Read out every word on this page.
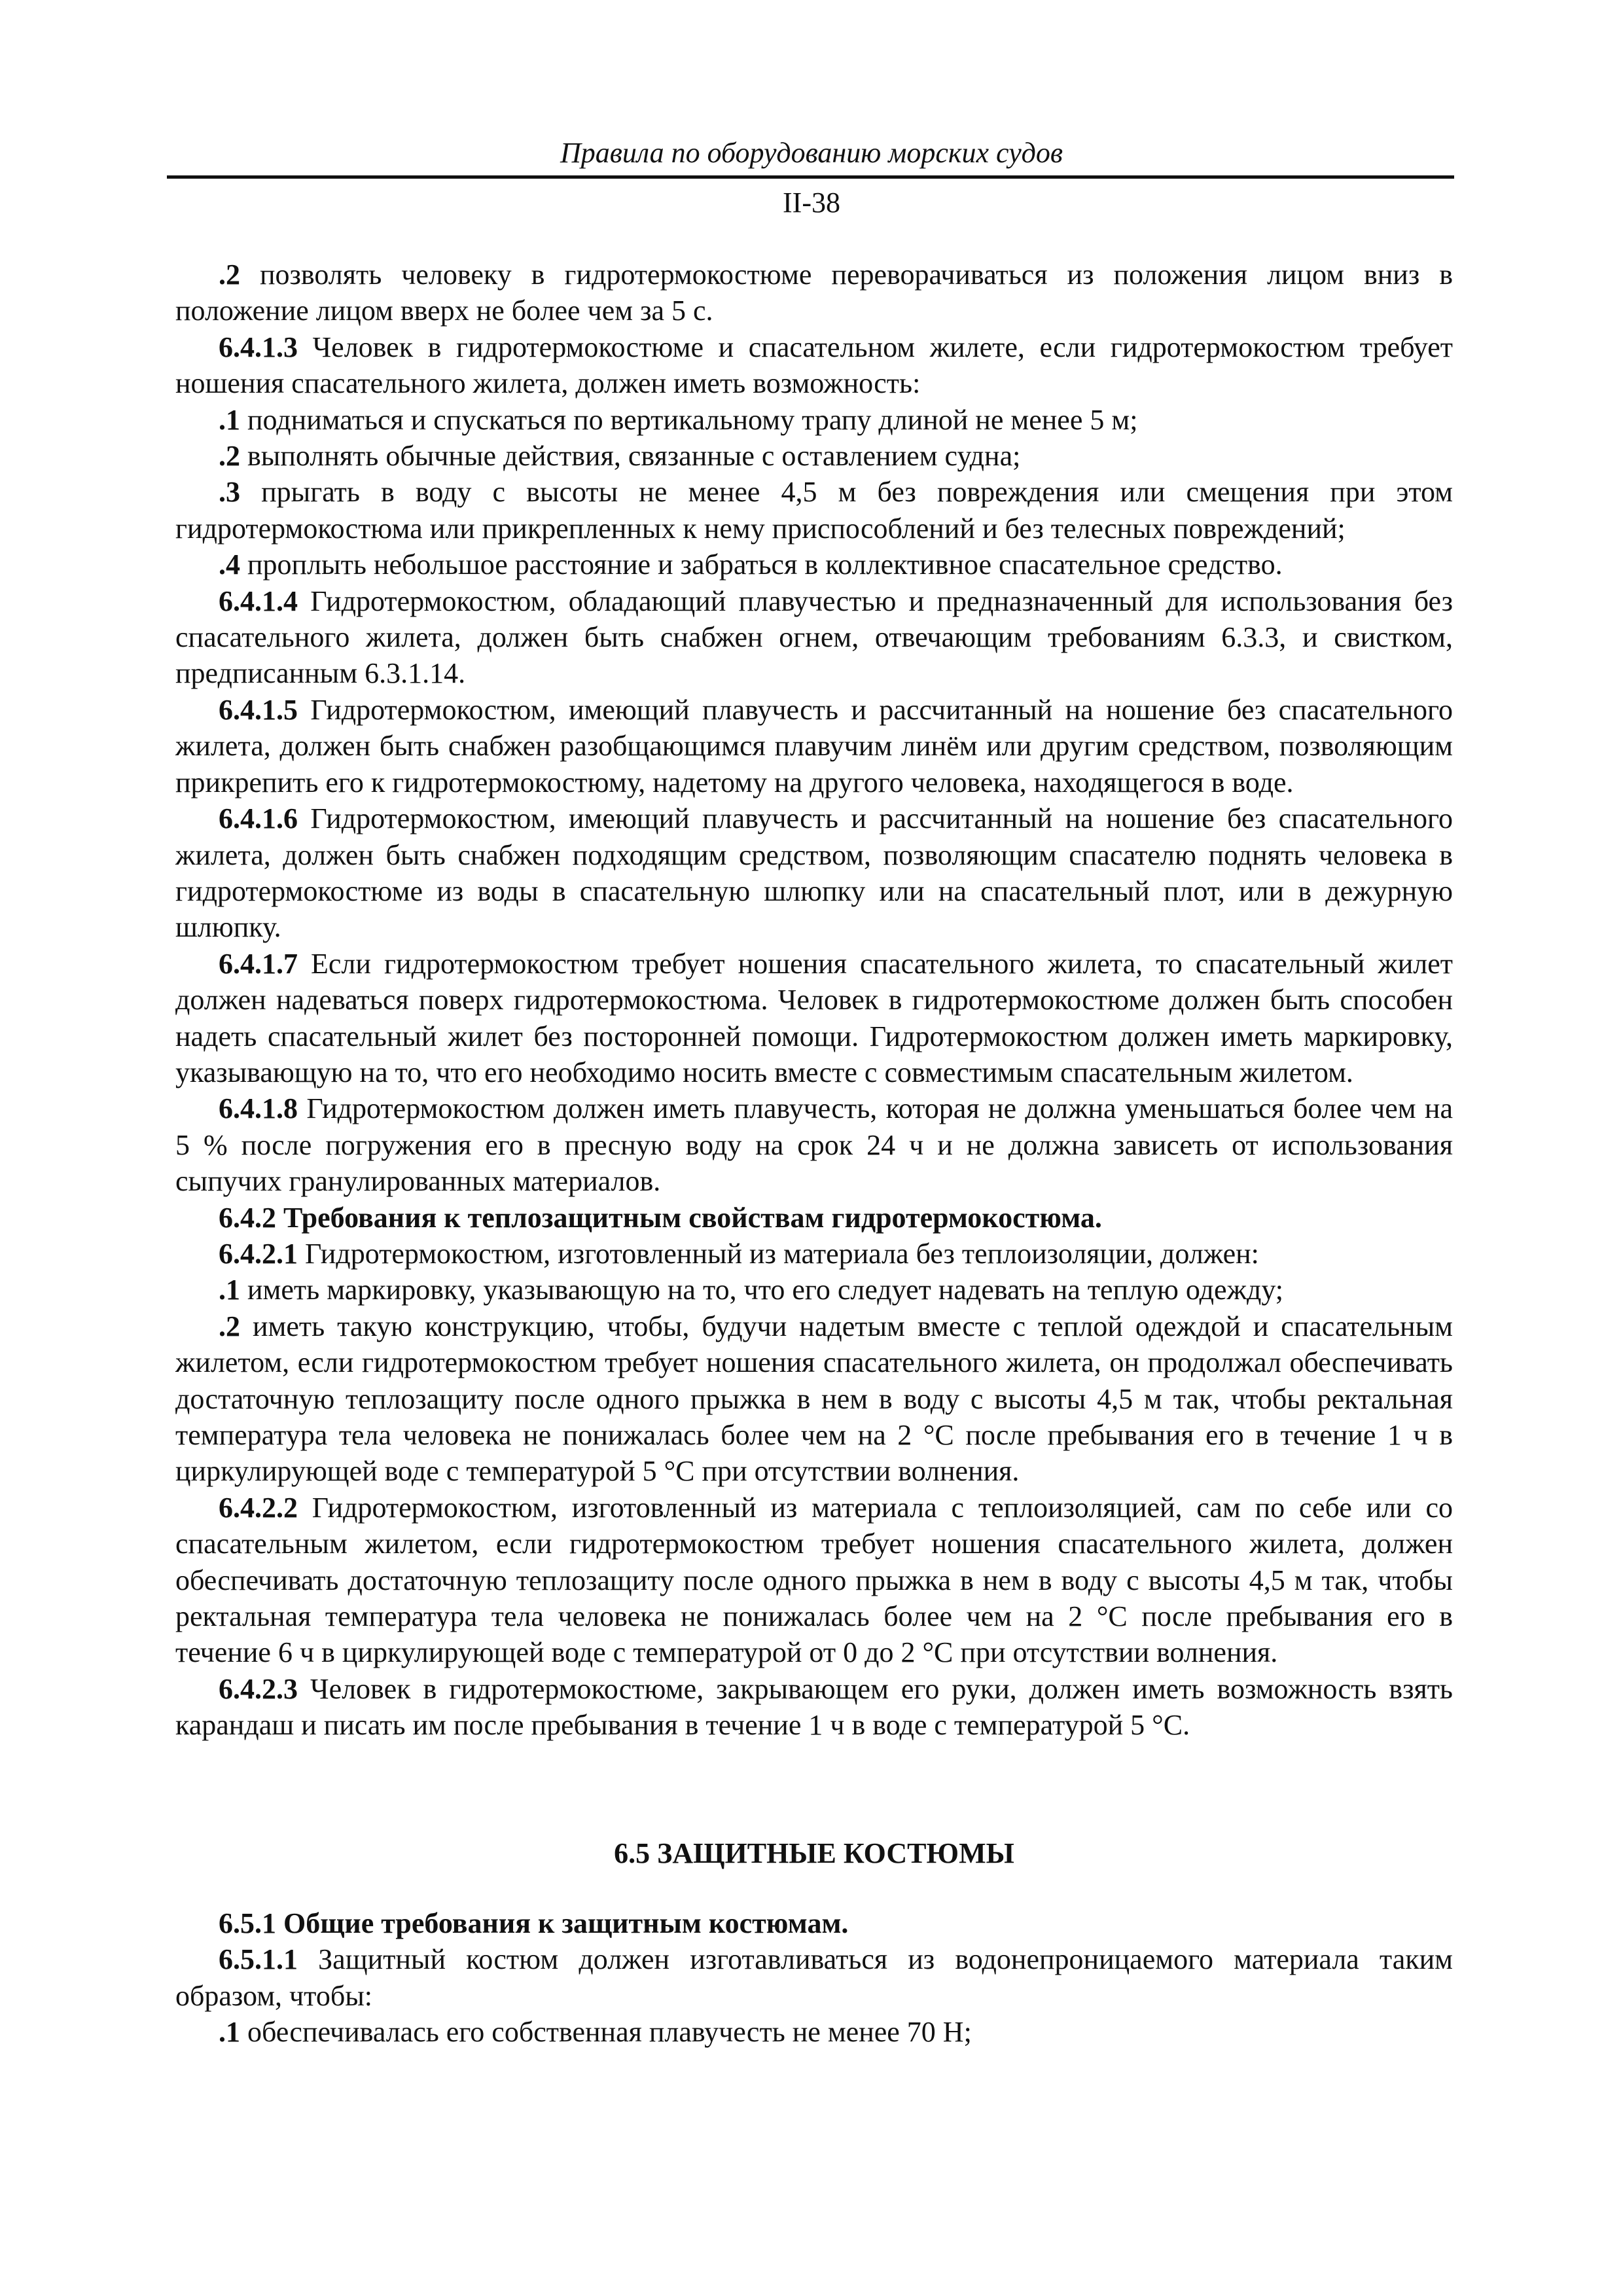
Правила по оборудованию морских судов
II-38

.2 позволять человеку в гидротермокостюме переворачиваться из положения лицом вниз в положение лицом вверх не более чем за 5 с.

6.4.1.3 Человек в гидротермокостюме и спасательном жилете, если гидротермокостюм требует ношения спасательного жилета, должен иметь возможность:

.1 подниматься и спускаться по вертикальному трапу длиной не менее 5 м;

.2 выполнять обычные действия, связанные с оставлением судна;

.3 прыгать в воду с высоты не менее 4,5 м без повреждения или смещения при этом гидротермокостюма или прикрепленных к нему приспособлений и без телесных повреждений;

.4 проплыть небольшое расстояние и забраться в коллективное спасательное средство.

6.4.1.4 Гидротермокостюм, обладающий плавучестью и предназначенный для использования без спасательного жилета, должен быть снабжен огнем, отвечающим требованиям 6.3.3, и свистком, предписанным 6.3.1.14.

6.4.1.5 Гидротермокостюм, имеющий плавучесть и рассчитанный на ношение без спасательного жилета, должен быть снабжен разобщающимся плавучим линём или другим средством, позволяющим прикрепить его к гидротермокостюму, надетому на другого человека, находящегося в воде.

6.4.1.6 Гидротермокостюм, имеющий плавучесть и рассчитанный на ношение без спасательного жилета, должен быть снабжен подходящим средством, позволяющим спасателю поднять человека в гидротермокостюме из воды в спасательную шлюпку или на спасательный плот, или в дежурную шлюпку.

6.4.1.7 Если гидротермокостюм требует ношения спасательного жилета, то спасательный жилет должен надеваться поверх гидротермокостюма. Человек в гидротермокостюме должен быть способен надеть спасательный жилет без посторонней помощи. Гидротермокостюм должен иметь маркировку, указывающую на то, что его необходимо носить вместе с совместимым спасательным жилетом.

6.4.1.8 Гидротермокостюм должен иметь плавучесть, которая не должна уменьшаться более чем на 5 % после погружения его в пресную воду на срок 24 ч и не должна зависеть от использования сыпучих гранулированных материалов.

6.4.2 Требования к теплозащитным свойствам гидротермокостюма.

6.4.2.1 Гидротермокостюм, изготовленный из материала без теплоизоляции, должен:

.1 иметь маркировку, указывающую на то, что его следует надевать на теплую одежду;

.2 иметь такую конструкцию, чтобы, будучи надетым вместе с теплой одеждой и спасательным жилетом, если гидротермокостюм требует ношения спасательного жилета, он продолжал обеспечивать достаточную теплозащиту после одного прыжка в нем в воду с высоты 4,5 м так, чтобы ректальная температура тела человека не понижалась более чем на 2 °С после пребывания его в течение 1 ч в циркулирующей воде с температурой 5 °С при отсутствии волнения.

6.4.2.2 Гидротермокостюм, изготовленный из материала с теплоизоляцией, сам по себе или со спасательным жилетом, если гидротермокостюм требует ношения спасательного жилета, должен обеспечивать достаточную теплозащиту после одного прыжка в нем в воду с высоты 4,5 м так, чтобы ректальная температура тела человека не понижалась более чем на 2 °С после пребывания его в течение 6 ч в циркулирующей воде с температурой от 0 до 2 °С при отсутствии волнения.

6.4.2.3 Человек в гидротермокостюме, закрывающем его руки, должен иметь возможность взять карандаш и писать им после пребывания в течение 1 ч в воде с температурой 5 °С.

6.5 ЗАЩИТНЫЕ КОСТЮМЫ

6.5.1 Общие требования к защитным костюмам.

6.5.1.1 Защитный костюм должен изготавливаться из водонепроницаемого материала таким образом, чтобы:

.1 обеспечивалась его собственная плавучесть не менее 70 Н;
